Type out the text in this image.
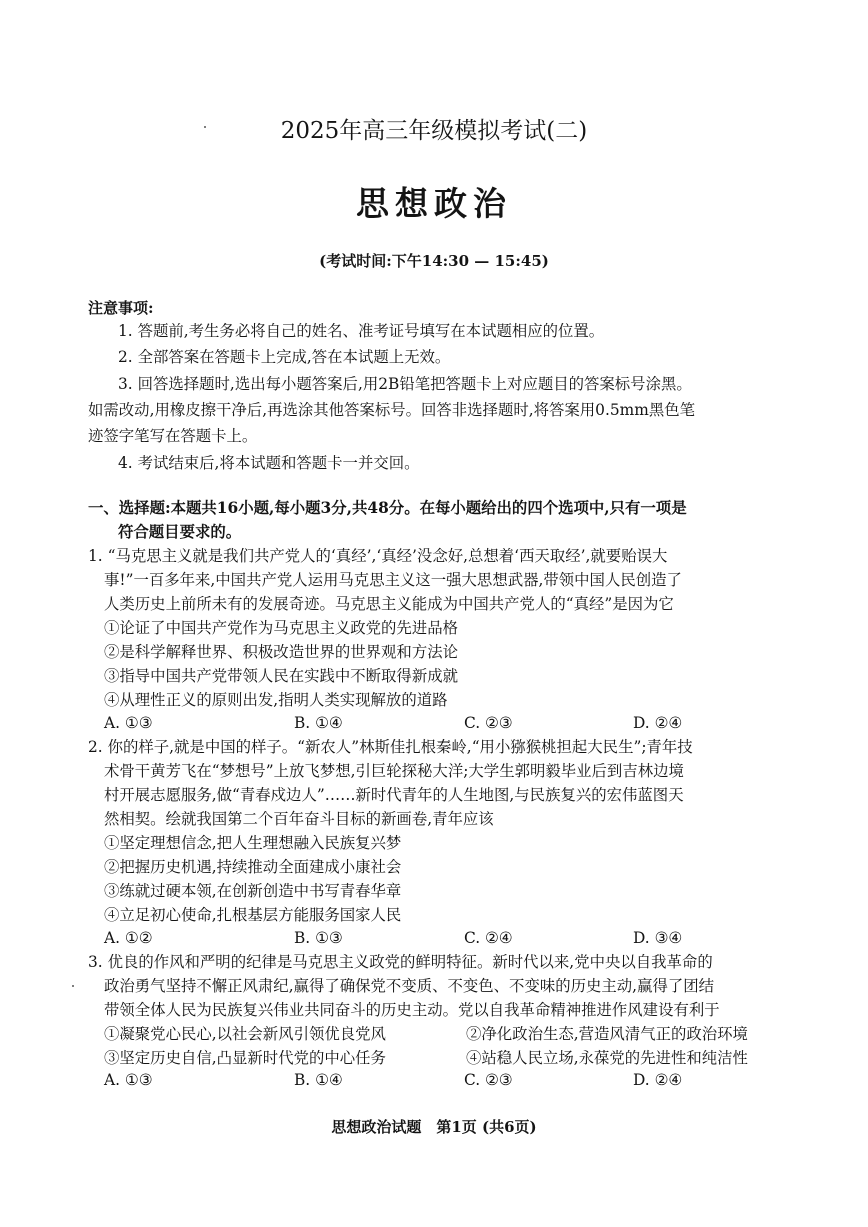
2025年高三年级模拟考试(二)
思想政治
(考试时间:下午14:30 — 15:45)
注意事项:
1. 答题前,考生务必将自己的姓名、准考证号填写在本试题相应的位置。
2. 全部答案在答题卡上完成,答在本试题上无效。
3. 回答选择题时,选出每小题答案后,用2B铅笔把答题卡上对应题目的答案标号涂黑。
如需改动,用橡皮擦干净后,再选涂其他答案标号。回答非选择题时,将答案用0.5mm黑色笔
迹签字笔写在答题卡上。
4. 考试结束后,将本试题和答题卡一并交回。
一、选择题:本题共16小题,每小题3分,共48分。在每小题给出的四个选项中,只有一项是
符合题目要求的。
1. “马克思主义就是我们共产党人的‘真经’,‘真经’没念好,总想着‘西天取经’,就要贻误大
事!”一百多年来,中国共产党人运用马克思主义这一强大思想武器,带领中国人民创造了
人类历史上前所未有的发展奇迹。马克思主义能成为中国共产党人的“真经”是因为它
①论证了中国共产党作为马克思主义政党的先进品格
②是科学解释世界、积极改造世界的世界观和方法论
③指导中国共产党带领人民在实践中不断取得新成就
④从理性正义的原则出发,指明人类实现解放的道路
A. ①③	B. ①④	C. ②③	D. ②④
2. 你的样子,就是中国的样子。“新农人”林斯佳扎根秦岭,“用小猕猴桃担起大民生”;青年技
术骨干黄芳飞在“梦想号”上放飞梦想,引巨轮探秘大洋;大学生郭明毅毕业后到吉林边境
村开展志愿服务,做“青春戍边人”……新时代青年的人生地图,与民族复兴的宏伟蓝图天
然相契。绘就我国第二个百年奋斗目标的新画卷,青年应该
①坚定理想信念,把人生理想融入民族复兴梦
②把握历史机遇,持续推动全面建成小康社会
③练就过硬本领,在创新创造中书写青春华章
④立足初心使命,扎根基层方能服务国家人民
A. ①②	B. ①③	C. ②④	D. ③④
3. 优良的作风和严明的纪律是马克思主义政党的鲜明特征。新时代以来,党中央以自我革命的
政治勇气坚持不懈正风肃纪,赢得了确保党不变质、不变色、不变味的历史主动,赢得了团结
带领全体人民为民族复兴伟业共同奋斗的历史主动。党以自我革命精神推进作风建设有利于
①凝聚党心民心,以社会新风引领优良党风	②净化政治生态,营造风清气正的政治环境
③坚定历史自信,凸显新时代党的中心任务	④站稳人民立场,永葆党的先进性和纯洁性
A. ①③	B. ①④	C. ②③	D. ②④
思想政治试题　第1页 (共6页)
